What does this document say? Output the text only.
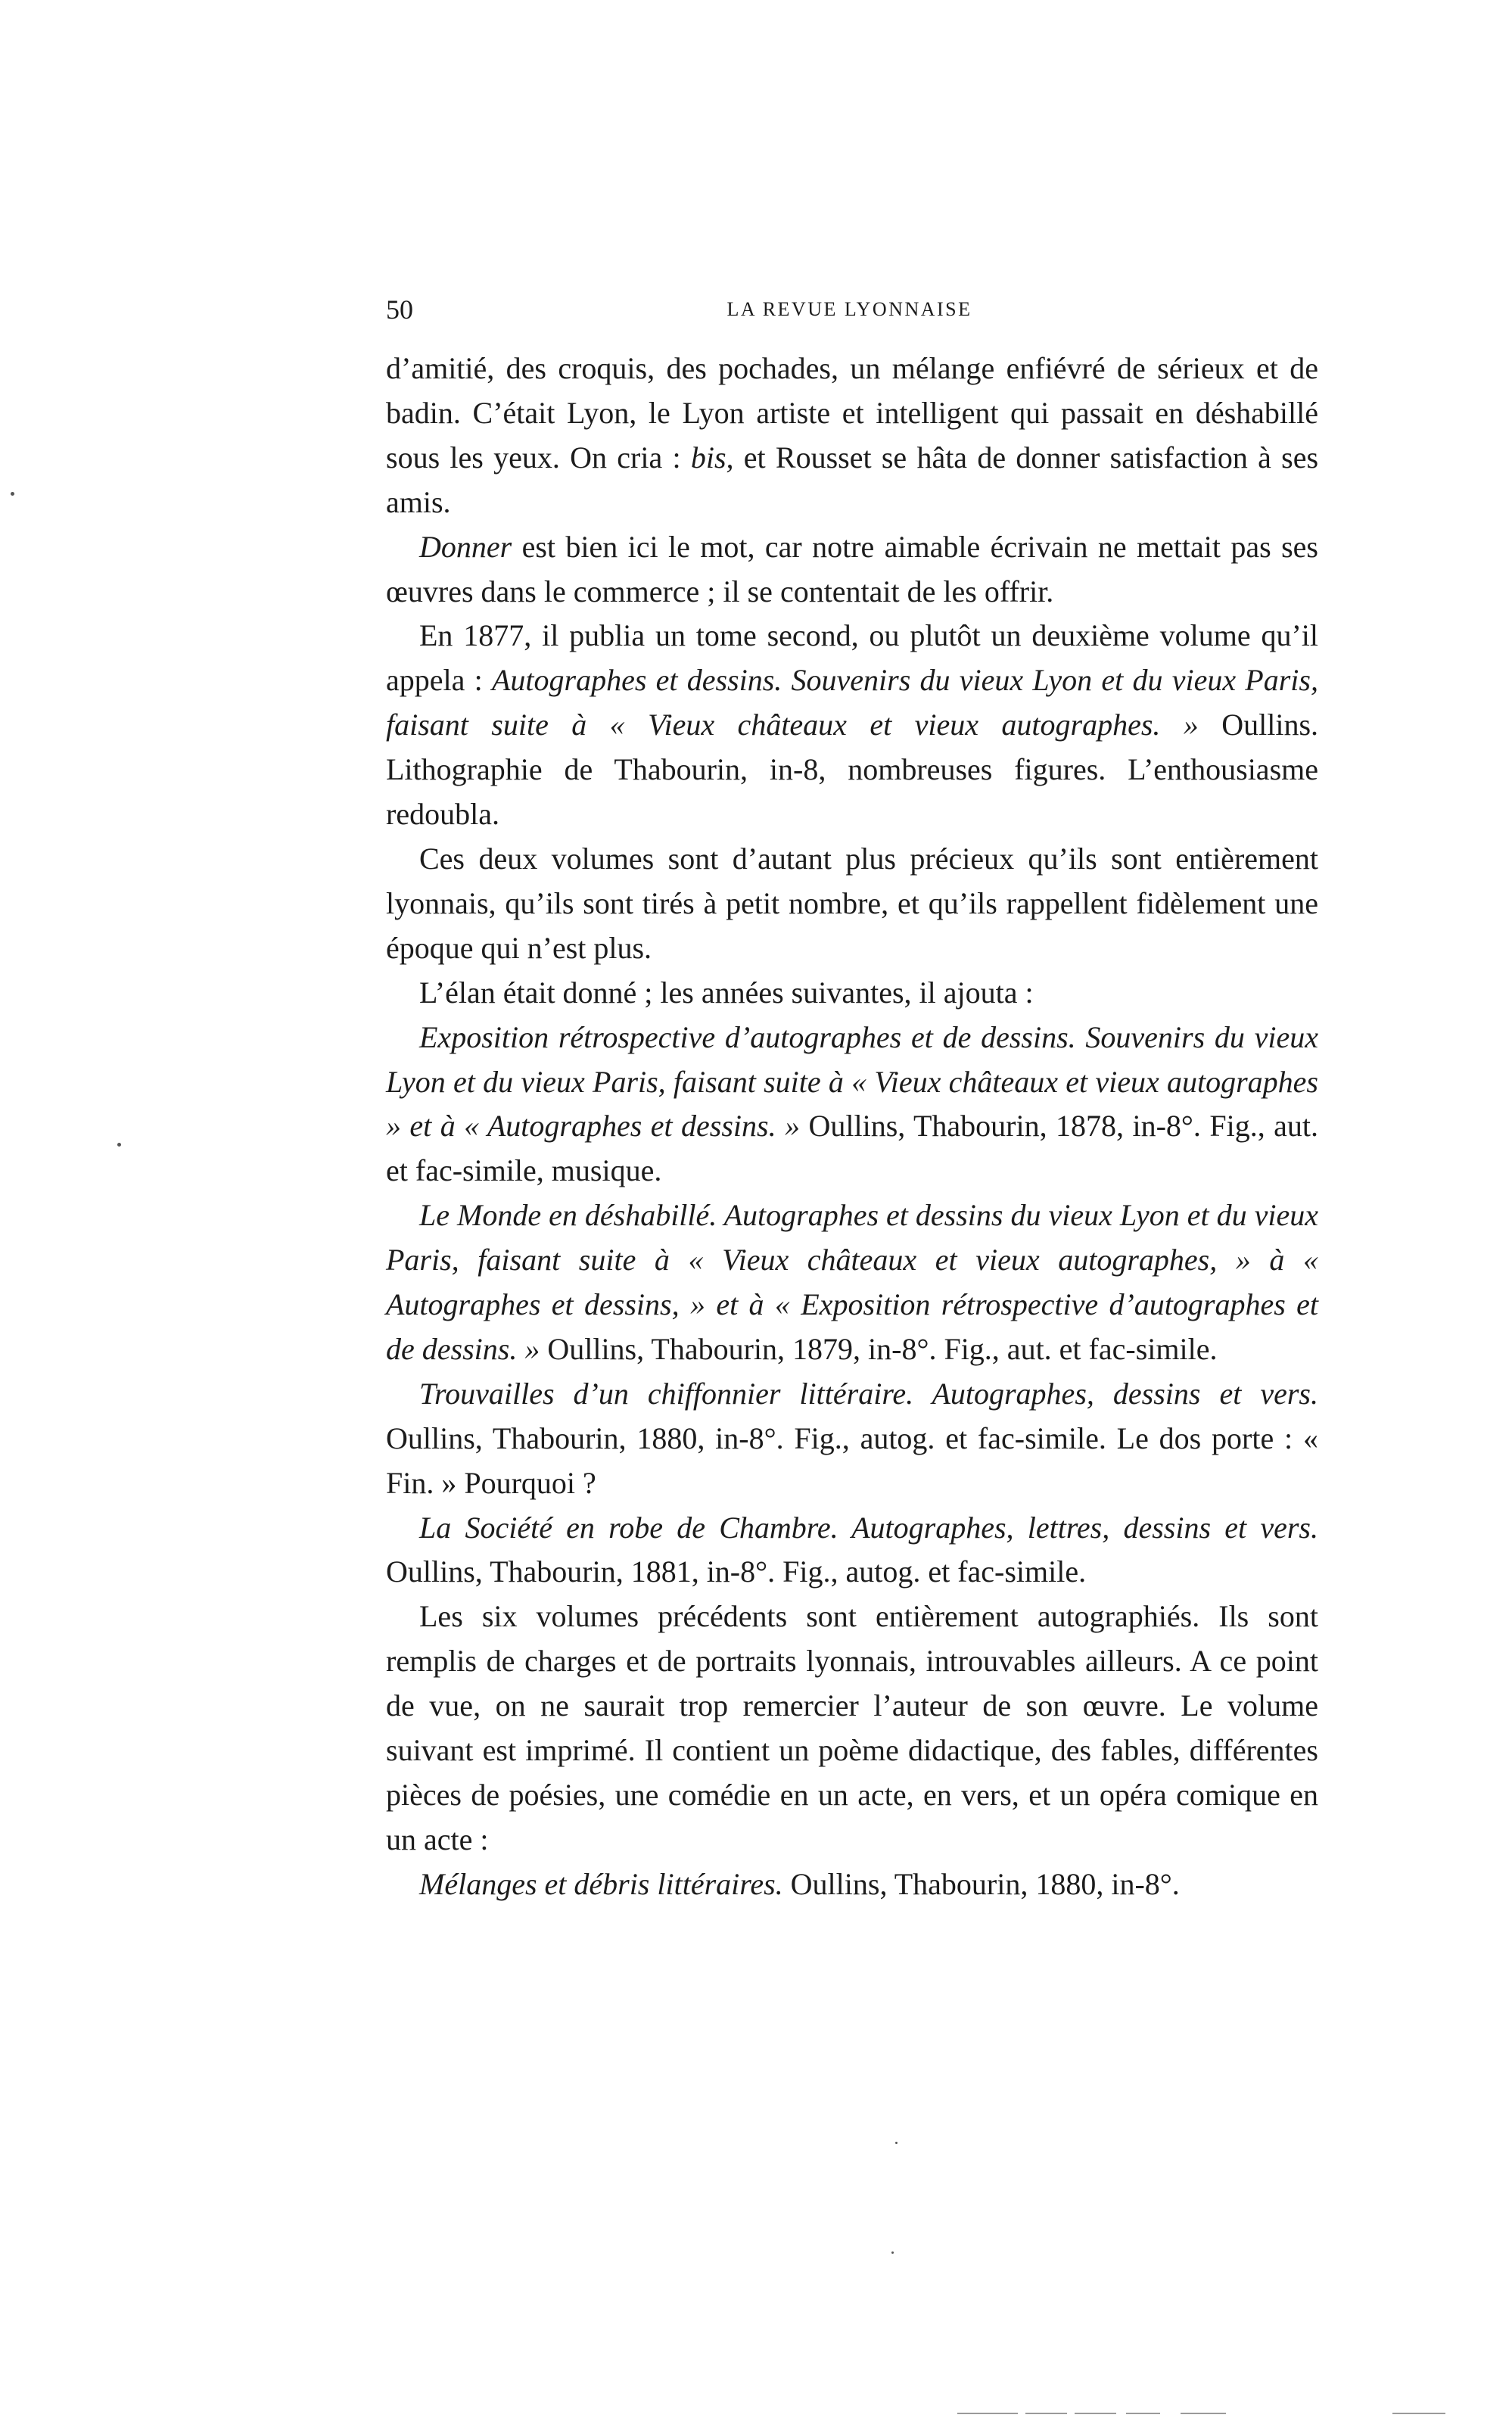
50	LA REVUE LYONNAISE

d’amitié, des croquis, des pochades, un mélange enfiévré de sérieux et de badin. C’était Lyon, le Lyon artiste et intelligent qui passait en déshabillé sous les yeux. On cria : bis, et Rousset se hâta de donner satisfaction à ses amis.

Donner est bien ici le mot, car notre aimable écrivain ne mettait pas ses œuvres dans le commerce ; il se contentait de les offrir.

En 1877, il publia un tome second, ou plutôt un deuxième volume qu’il appela : Autographes et dessins. Souvenirs du vieux Lyon et du vieux Paris, faisant suite à « Vieux châteaux et vieux autographes. » Oullins. Lithographie de Thabourin, in-8, nombreuses figures. L’enthousiasme redoubla.

Ces deux volumes sont d’autant plus précieux qu’ils sont entièrement lyonnais, qu’ils sont tirés à petit nombre, et qu’ils rappellent fidèlement une époque qui n’est plus.

L’élan était donné ; les années suivantes, il ajouta :

Exposition rétrospective d’autographes et de dessins. Souvenirs du vieux Lyon et du vieux Paris, faisant suite à « Vieux châteaux et vieux autographes » et à « Autographes et dessins. » Oullins, Thabourin, 1878, in-8°. Fig., aut. et fac-simile, musique.

Le Monde en déshabillé. Autographes et dessins du vieux Lyon et du vieux Paris, faisant suite à « Vieux châteaux et vieux autographes, » à « Autographes et dessins, » et à « Exposition rétrospective d’autographes et de dessins. » Oullins, Thabourin, 1879, in-8°. Fig., aut. et fac-simile.

Trouvailles d’un chiffonnier littéraire. Autographes, dessins et vers. Oullins, Thabourin, 1880, in-8°. Fig., autog. et fac-simile. Le dos porte : « Fin. » Pourquoi ?

La Société en robe de Chambre. Autographes, lettres, dessins et vers. Oullins, Thabourin, 1881, in-8°. Fig., autog. et fac-simile.

Les six volumes précédents sont entièrement autographiés. Ils sont remplis de charges et de portraits lyonnais, introuvables ailleurs. A ce point de vue, on ne saurait trop remercier l’auteur de son œuvre. Le volume suivant est imprimé. Il contient un poème didactique, des fables, différentes pièces de poésies, une comédie en un acte, en vers, et un opéra comique en un acte :

Mélanges et débris littéraires. Oullins, Thabourin, 1880, in-8°.
